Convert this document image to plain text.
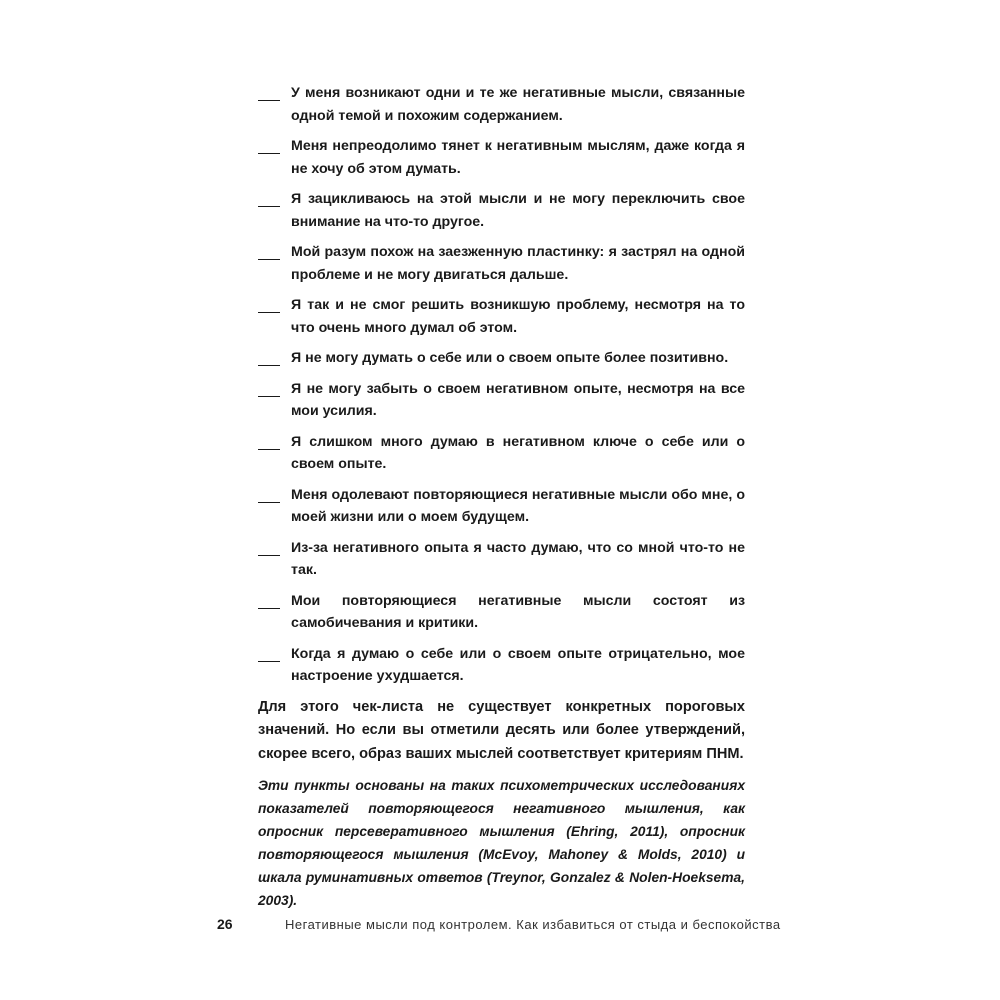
У меня возникают одни и те же негативные мысли, связанные одной темой и похожим содержанием.
Меня непреодолимо тянет к негативным мыслям, даже когда я не хочу об этом думать.
Я зацикливаюсь на этой мысли и не могу переключить свое внимание на что-то другое.
Мой разум похож на заезженную пластинку: я застрял на одной проблеме и не могу двигаться дальше.
Я так и не смог решить возникшую проблему, несмотря на то что очень много думал об этом.
Я не могу думать о себе или о своем опыте более позитивно.
Я не могу забыть о своем негативном опыте, несмотря на все мои усилия.
Я слишком много думаю в негативном ключе о себе или о своем опыте.
Меня одолевают повторяющиеся негативные мысли обо мне, о моей жизни или о моем будущем.
Из-за негативного опыта я часто думаю, что со мной что-то не так.
Мои повторяющиеся негативные мысли состоят из самобичевания и критики.
Когда я думаю о себе или о своем опыте отрицательно, мое настроение ухудшается.

Для этого чек-листа не существует конкретных пороговых значений. Но если вы отметили десять или более утверждений, скорее всего, образ ваших мыслей соответствует критериям ПНМ.

Эти пункты основаны на таких психометрических исследованиях показателей повторяющегося негативного мышления, как опросник персеверативного мышления (Ehring, 2011), опросник повторяющегося мышления (McEvoy, Mahoney & Molds, 2010) и шкала руминативных ответов (Treynor, Gonzalez & Nolen-Hoeksema, 2003).

26	Негативные мысли под контролем. Как избавиться от стыда и беспокойства
